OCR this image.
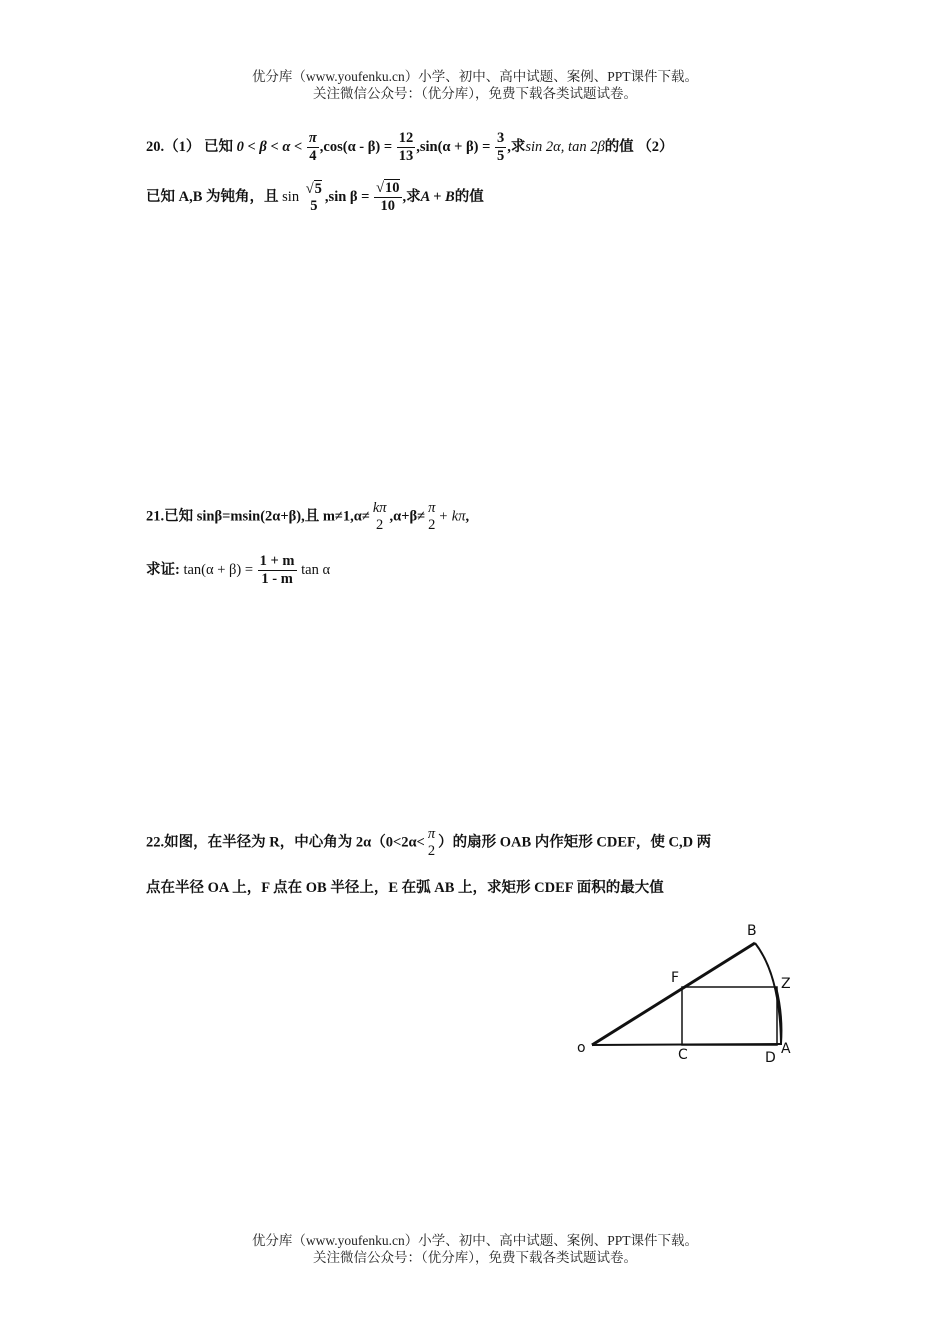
优分库（www.youfenku.cn）小学、初中、高中试题、案例、PPT课件下载。
关注微信公众号：（优分库），免费下载各类试题试卷。
20.（1） 已知 $0 < \beta < \alpha < \frac{\pi}{4} ,\cos(\alpha - \beta) = \frac{12}{13} ,\sin(\alpha + \beta) = \frac{3}{5}$ ,求sin 2α, tan 2β的值 （2）
已知 A,B 为钝角，且 sin
√5
5
,sin $\beta = \frac{√10}{10}$ ,求A + B的值
21.已知 sinβ=msin(2α+β),且 m≠1,α≠
kπ
2
,α+β≠
π
2
+ kπ,
求证: $\tan(\alpha + \beta) = \frac{1 + m}{1 - m}$ tan α
22.如图，在半径为 R，中心角为 2α（0<2α<
π
2
）的扇形 OAB 内作矩形 CDEF，使 C,D 两
点在半径 OA 上，F 点在 OB 半径上，E 在弧 AB 上，求矩形 CDEF 面积的最大值
o	C	D
A
B
F	Z
优分库（www.youfenku.cn）小学、初中、高中试题、案例、PPT课件下载。
关注微信公众号：（优分库），免费下载各类试题试卷。
